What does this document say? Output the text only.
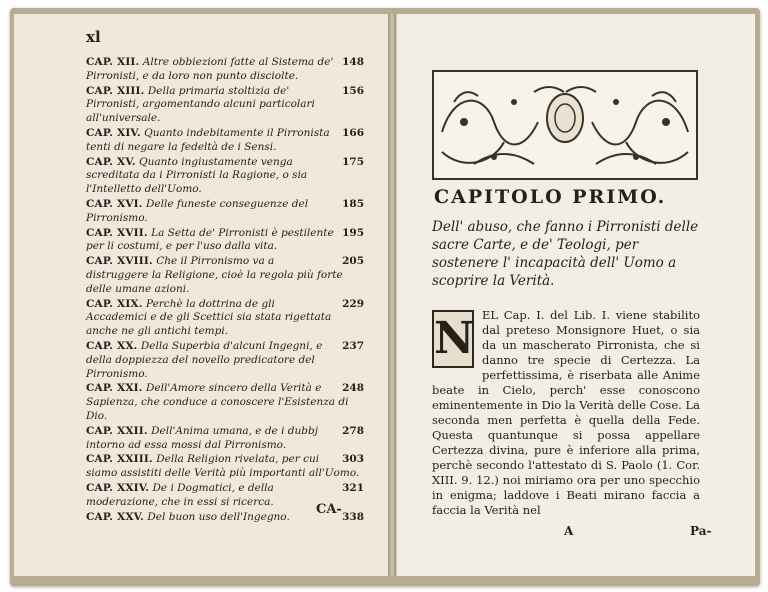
xl
148
CAP. XII. Altre obbiezioni fatte al Sistema de' Pirronisti, e da loro non punto disciolte.
156
CAP. XIII. Della primaria stoltizia de' Pirronisti, argomentando alcuni particolari all'universale.
166
CAP. XIV. Quanto indebitamente il Pirronista tenti di negare la fedeltà de i Sensi.
175
CAP. XV. Quanto ingiustamente venga screditata da i Pirronisti la Ragione, o sia l'Intelletto dell'Uomo.
185
CAP. XVI. Delle funeste conseguenze del Pirronismo.
195
CAP. XVII. La Setta de' Pirronisti è pestilente per li costumi, e per l'uso dalla vita.
205
CAP. XVIII. Che il Pirronismo va a distruggere la Religione, cioè la regola più forte delle umane azioni.
229
CAP. XIX. Perchè la dottrina de gli Accademici e de gli Scettici sia stata rigettata anche ne gli antichi tempi.
237
CAP. XX. Della Superbia d'alcuni Ingegni, e della doppiezza del novello predicatore del Pirronismo.
248
CAP. XXI. Dell'Amore sincero della Verità e Sapienza, che conduce a conoscere l'Esistenza di Dio.
278
CAP. XXII. Dell'Anima umana, e de i dubbj intorno ad essa mossi dal Pirronismo.
303
CAP. XXIII. Della Religion rivelata, per cui siamo assistiti delle Verità più importanti all'Uomo.
321
CAP. XXIV. De i Dogmatici, e della moderazione, che in essi si ricerca.
338
CAP. XXV. Del buon uso dell'Ingegno.	CA-
CAPITOLO PRIMO.
Dell' abuso, che fanno i Pirronisti delle sacre Carte, e de' Teologi, per sostenere l' incapacità dell' Uomo a scoprire la Verità.
N EL Cap. I. del Lib. I. viene stabilito dal preteso Monsignore Huet, o sia da un mascherato Pirronista, che si danno tre specie di Certezza. La perfettissima, è riserbata alle Anime beate in Cielo, perch' esse conoscono eminentemente in Dio la Verità delle Cose. La seconda men perfetta è quella della Fede. Questa quantunque si possa appellare Certezza divina, pure è inferiore alla prima, perchè secondo l'attestato di S. Paolo (1. Cor. XIII. 9. 12.) noi miriamo ora per uno specchio in enigma; laddove i Beati mirano faccia a faccia la Verità nel
A	Pa-
